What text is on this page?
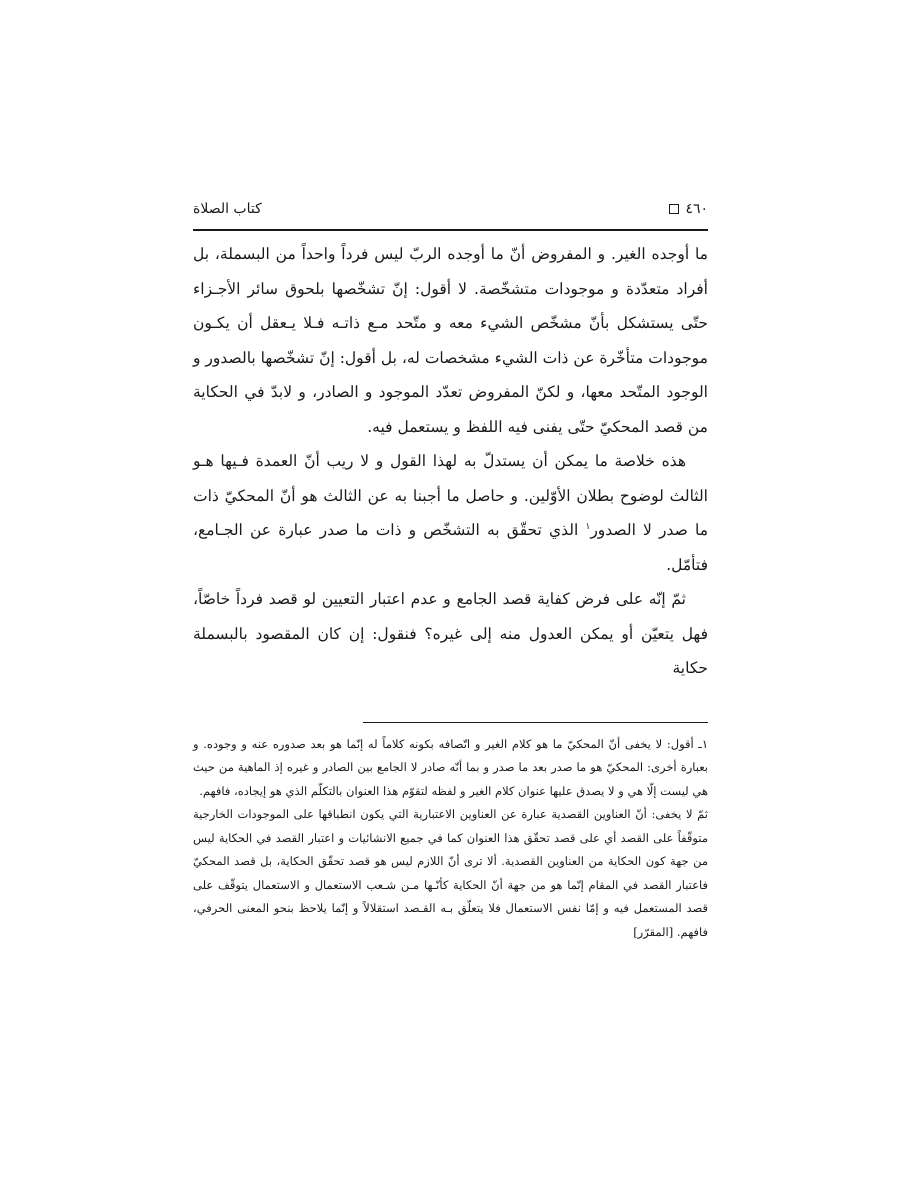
٤٦٠
كتاب الصلاة

ما أوجده الغير. و المفروض أنّ ما أوجده الربّ ليس فرداً واحداً من البسملة، بل أفراد متعدّدة و موجودات متشخّصة. لا أقول: إنّ تشخّصها بلحوق سائر الأجـزاء حتّى يستشكل بأنّ مشخّص الشيء معه و متّحد مـع ذاتـه فـلا يـعقل أن يكـون موجودات متأخّرة عن ذات الشيء مشخصات له، بل أقول: إنّ تشخّصها بالصدور و الوجود المتّحد معها، و لكنّ المفروض تعدّد الموجود و الصادر، و لابدّ في الحكاية من قصد المحكيّ حتّى يفنى فيه اللفظ و يستعمل فيه.

هذه خلاصة ما يمكن أن يستدلّ به لهذا القول و لا ريب أنّ العمدة فـيها هـو الثالث لوضوح بطلان الأوّلين. و حاصل ما أجبنا به عن الثالث هو أنّ المحكيّ ذات ما صدر لا الصدور$^١$ الذي تحقّق به التشخّص و ذات ما صدر عبارة عن الجـامع، فتأمّل.

ثمّ إنّه على فرض كفاية قصد الجامع و عدم اعتبار التعيين لو قصد فرداً خاصّاً، فهل يتعيّن أو يمكن العدول منه إلى غيره؟ فنقول: إن كان المقصود بالبسملة حكاية

١ـ أقول: لا يخفى أنّ المحكيّ ما هو كلام الغير و اتّصافه بكونه كلاماً له إنّما هو بعد صدوره عنه و وجوده. و بعبارة أخرى: المحكيّ هو ما صدر بعد ما صدر و بما أنّه صادر لا الجامع بين الصادر و غيره إذ الماهية من حيث هي ليست إلّا هي و لا يصدق عليها عنوان كلام الغير و لفظه لتقوّم هذا العنوان بالتكلّم الذي هو إيجاده، فافهم.

ثمّ لا يخفى: أنّ العناوين القصدية عبارة عن العناوين الاعتبارية التي يكون انطباقها على الموجودات الخارجية متوقّفاً على القصد أي على قصد تحقّق هذا العنوان كما في جميع الانشائيات و اعتبار القصد في الحكاية ليس من جهة كون الحكاية من العناوين القصدية. ألا ترى أنّ اللازم ليس هو قصد تحقّق الحكاية، بل قصد المحكيّ فاعتبار القصد في المقام إنّما هو من جهة أنّ الحكاية كأنّـها مـن شـعب الاستعمال و الاستعمال يتوقّف على قصد المستعمل فيه و إمّا نفس الاستعمال فلا يتعلّق بـه القـصد استقلالاً و إنّما يلاحظ بنحو المعنى الحرفي، فافهم. [المقرّر]
